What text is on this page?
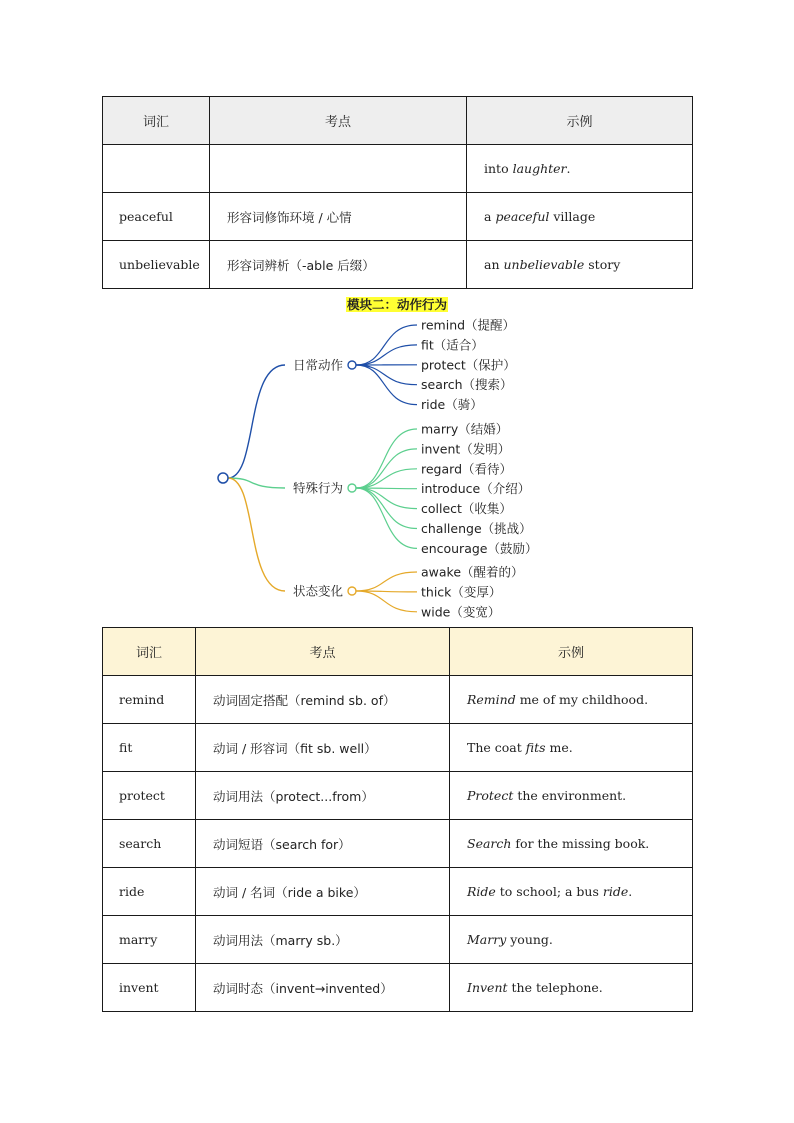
词汇	考点	示例
		into laughter.
peaceful	形容词修饰环境 / 心情	a peaceful village
unbelievable	形容词辨析（-able 后缀）	an unbelievable story
模块二：动作行为
日常动作
remind（提醒）
fit（适合）
protect（保护）
search（搜索）
ride（骑）
特殊行为
marry（结婚）
invent（发明）
regard（看待）
introduce（介绍）
collect（收集）
challenge（挑战）
encourage（鼓励）
状态变化
awake（醒着的）
thick（变厚）
wide（变宽）
词汇	考点	示例
remind	动词固定搭配（remind sb. of）	Remind me of my childhood.
fit	动词 / 形容词（fit sb. well）	The coat fits me.
protect	动词用法（protect...from）	Protect the environment.
search	动词短语（search for）	Search for the missing book.
ride	动词 / 名词（ride a bike）	Ride to school; a bus ride.
marry	动词用法（marry sb.）	Marry young.
invent	动词时态（invent→invented）	Invent the telephone.
